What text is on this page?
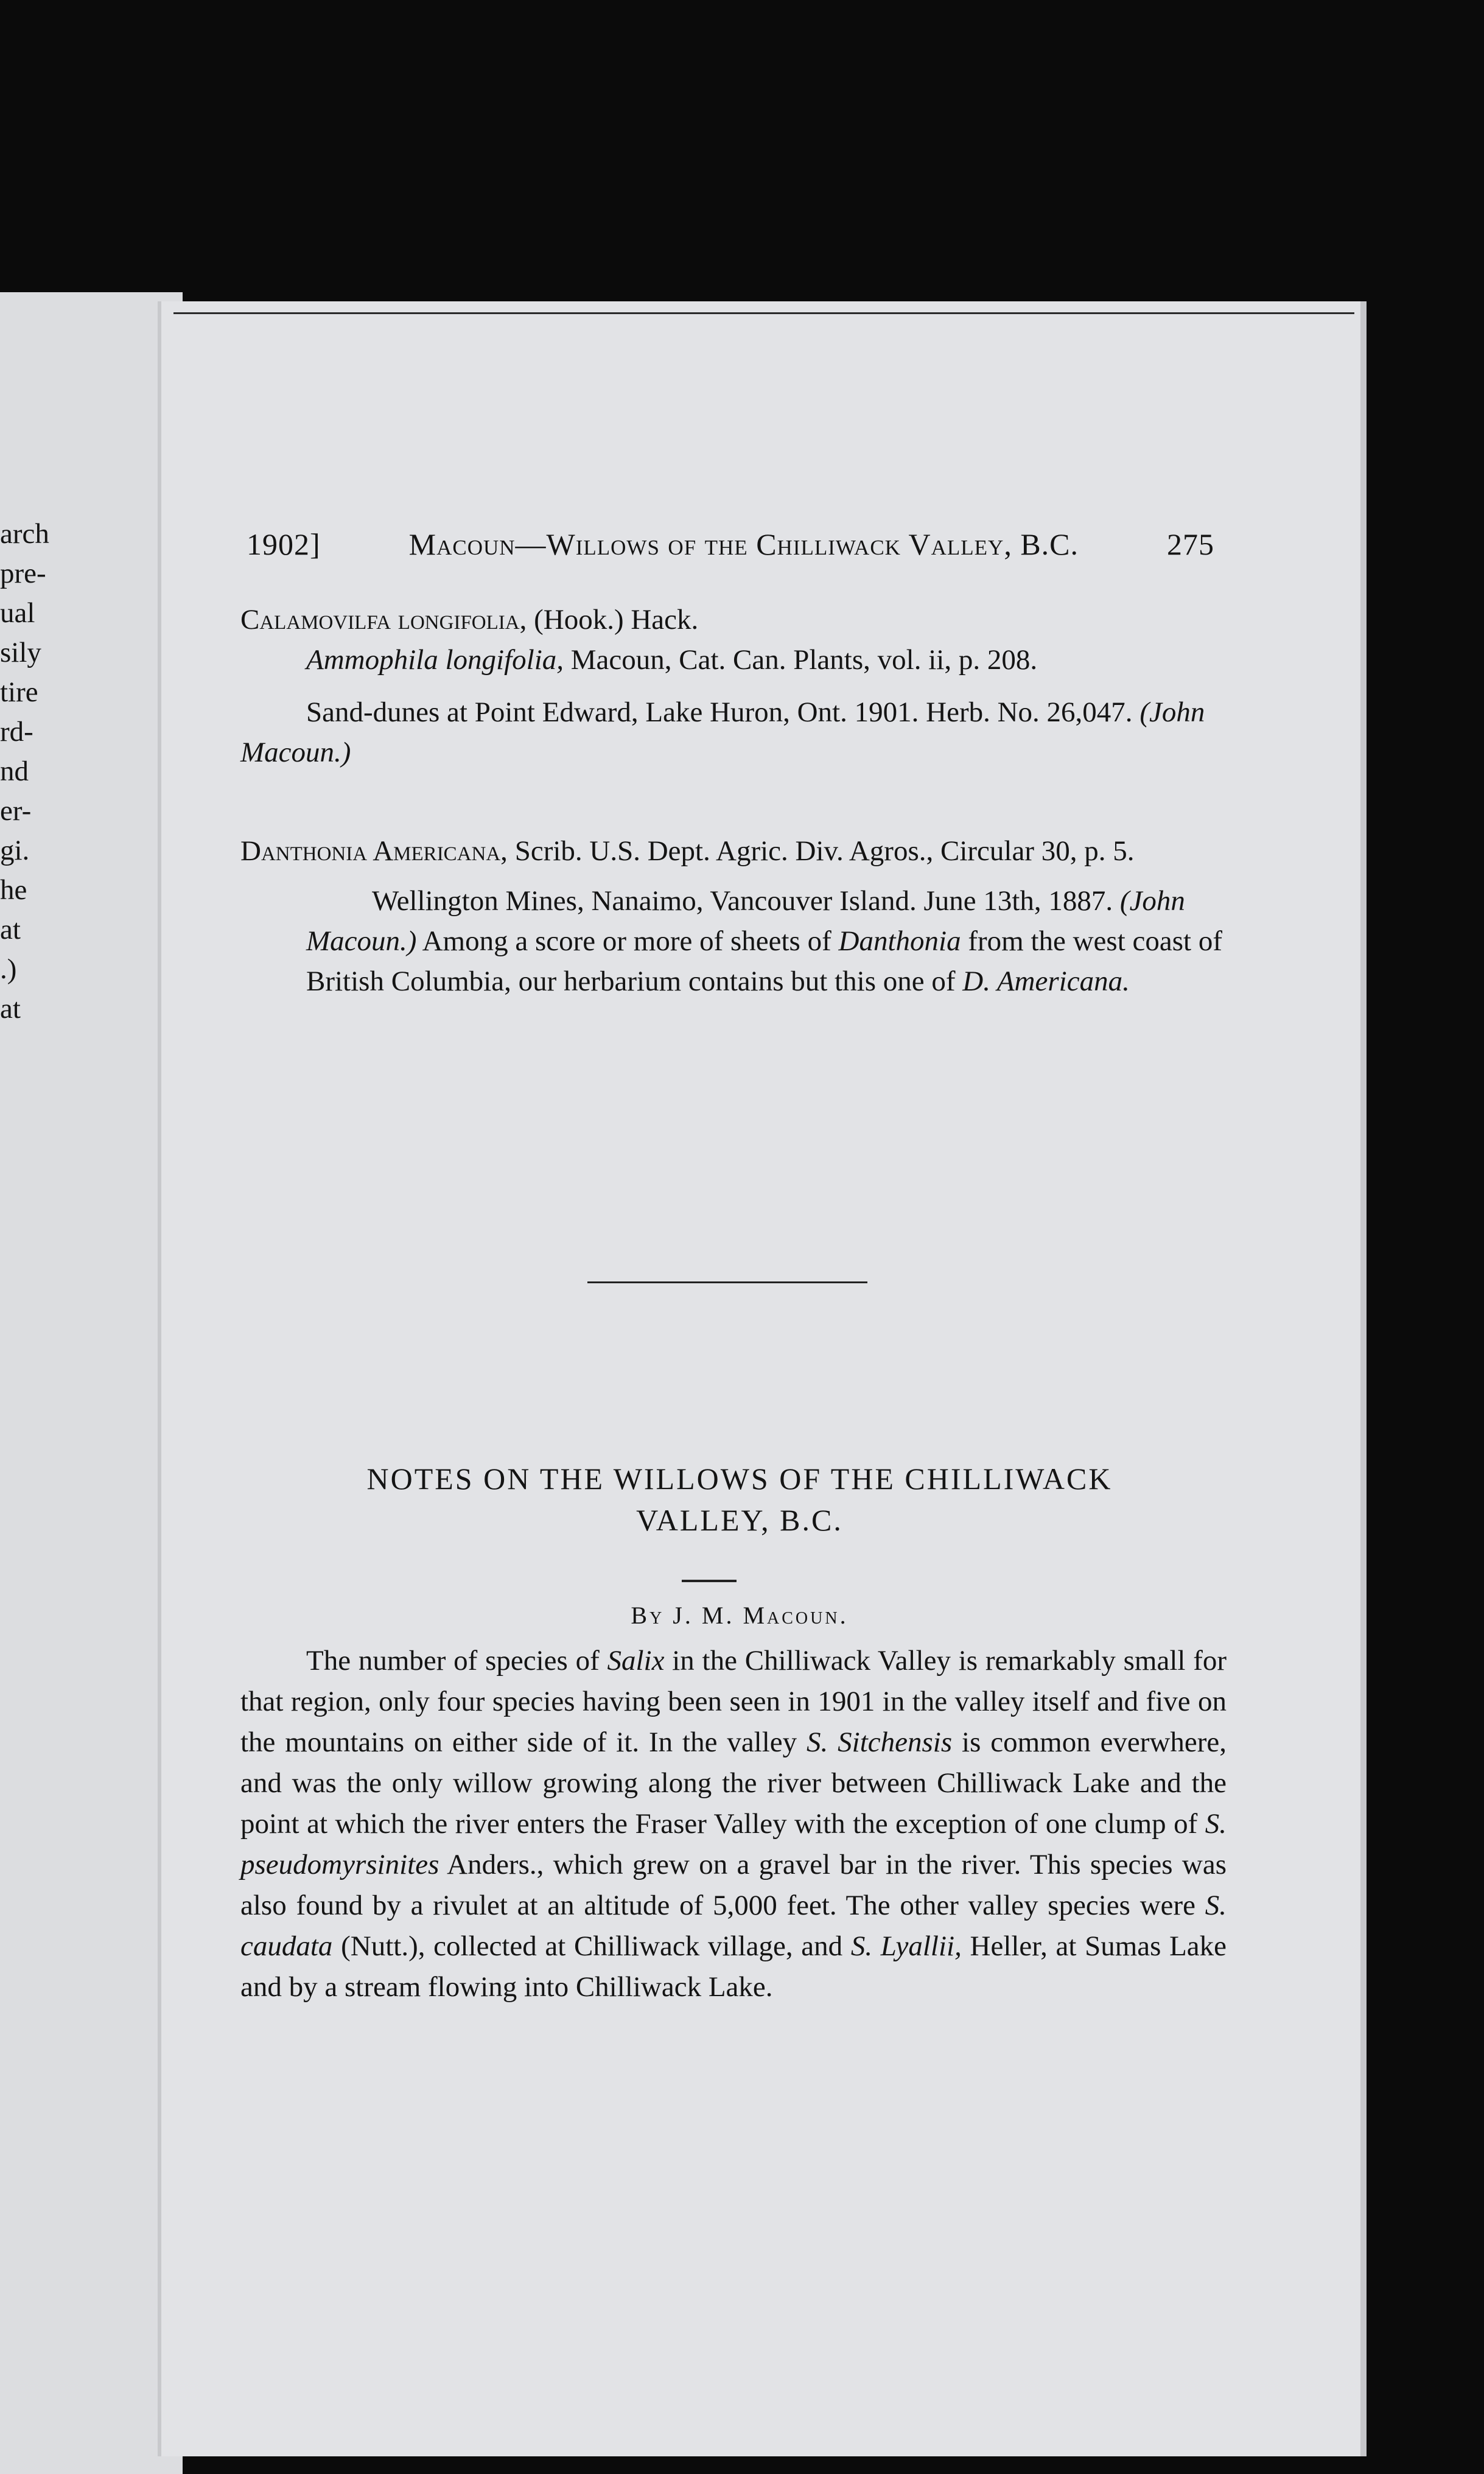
arch
pre-
ual
sily
tire
rd-
nd
er-
gi.
he
at
.)
at
1902]	Macoun—Willows of the Chilliwack Valley, B.C.	275

Calamovilfa longifolia, (Hook.) Hack.

Ammophila longifolia, Macoun, Cat. Can. Plants, vol. ii, p. 208.

Sand-dunes at Point Edward, Lake Huron, Ont. 1901. Herb. No. 26,047. (John Macoun.)

Danthonia Americana, Scrib. U.S. Dept. Agric. Div. Agros., Circular 30, p. 5.

Wellington Mines, Nanaimo, Vancouver Island. June 13th, 1887. (John Macoun.) Among a score or more of sheets of Danthonia from the west coast of British Columbia, our herbarium contains but this one of D. Americana.

NOTES ON THE WILLOWS OF THE CHILLIWACK
VALLEY, B.C.
By J. M. Macoun.

The number of species of Salix in the Chilliwack Valley is remarkably small for that region, only four species having been seen in 1901 in the valley itself and five on the mountains on either side of it. In the valley S. Sitchensis is common everwhere, and was the only willow growing along the river between Chilliwack Lake and the point at which the river enters the Fraser Valley with the exception of one clump of S. pseudomyrsinites Anders., which grew on a gravel bar in the river. This species was also found by a rivulet at an altitude of 5,000 feet. The other valley species were S. caudata (Nutt.), collected at Chilliwack village, and S. Lyallii, Heller, at Sumas Lake and by a stream flowing into Chilliwack Lake.
